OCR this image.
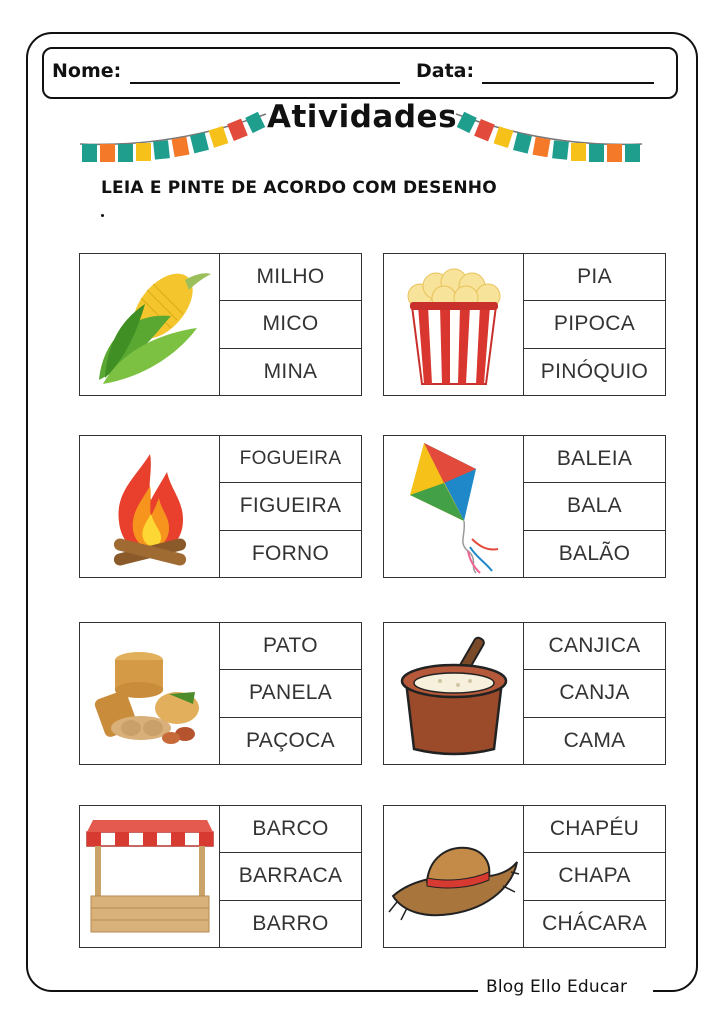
Blog Ello Educar
Nome:	Data:
Atividades
LEIA E PINTE DE ACORDO COM DESENHO
MILHO
MICO
MINA
PIA
PIPOCA
PINÓQUIO
FOGUEIRA
FIGUEIRA
FORNO
BALEIA
BALA
BALÃO
PATO
PANELA
PAÇOCA
CANJICA
CANJA
CAMA
BARCO
BARRACA
BARRO
CHAPÉU
CHAPA
CHÁCARA
